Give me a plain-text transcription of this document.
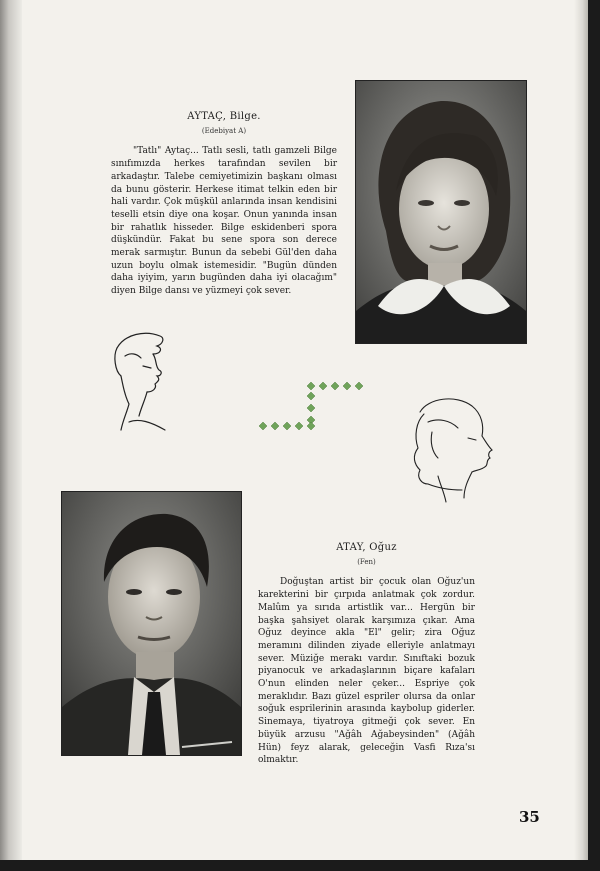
AYTAÇ, Bilge.
(Edebiyat A)

"Tatlı" Aytaç... Tatlı sesli, tatlı gamzeli Bilge sınıfımızda herkes tarafından sevilen bir arkadaştır. Talebe cemiyetimizin başkanı olması da bunu gösterir. Herkese itimat telkin eden bir hali vardır. Çok müşkül anlarında insan kendisini teselli etsin diye ona koşar. Onun yanında insan bir rahatlık hisseder. Bilge eskidenberi spora düşkündür. Fakat bu sene spora son derece merak sarmıştır. Bunun da sebebi Gül'den daha uzun boylu olmak istemesidir. "Bugün dünden daha iyiyim, yarın bugünden daha iyi olacağım" diyen Bilge dansı ve yüzmeyi çok sever.

ATAY, Oğuz
(Fen)

Doğuştan artist bir çocuk olan Oğuz'un karekterini bir çırpıda anlatmak çok zordur. Malûm ya sırıda artistlik var... Hergün bir başka şahsiyet olarak karşımıza çıkar. Ama Oğuz deyince akla "El" gelir; zira Oğuz meramını dilinden ziyade elleriyle anlatmayı sever. Müziğe merakı vardır. Sınıftaki bozuk piyanocuk ve arkadaşlarının biçare kafaları O'nun elinden neler çeker... Espriye çok meraklıdır. Bazı güzel espriler olursa da onlar soğuk esprilerinin arasında kaybolup giderler. Sinemaya, tiyatroya gitmeği çok sever. En büyük arzusu "Ağâh Ağabeysinden" (Ağâh Hün) feyz alarak, geleceğin Vasfi Rıza'sı olmaktır.

35
